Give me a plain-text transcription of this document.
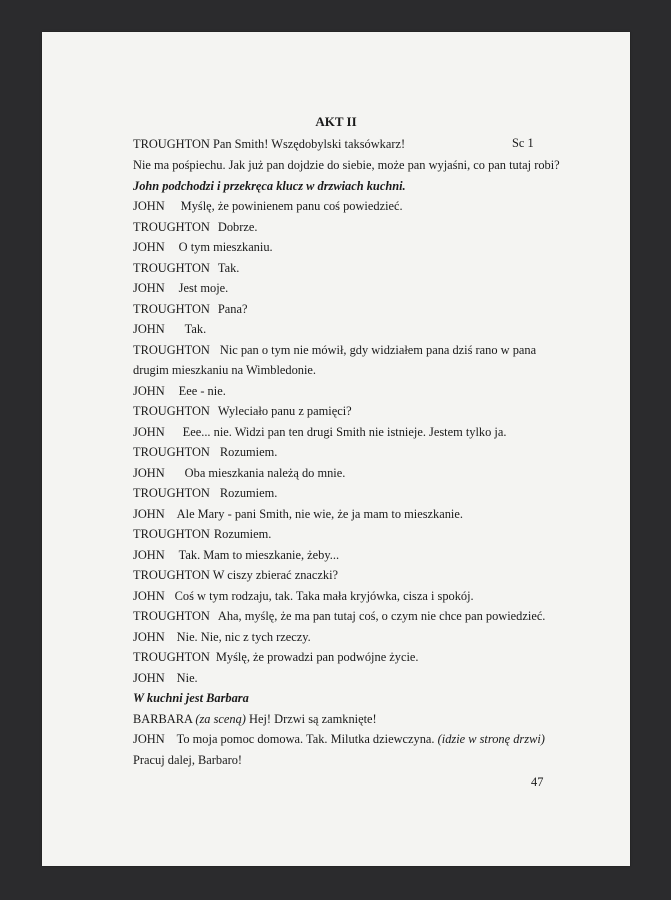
AKT II
Sc 1
TROUGHTON Pan Smith! Wszędobylski taksówkarz!
Nie ma pośpiechu. Jak już pan dojdzie do siebie, może pan wyjaśni, co pan tutaj robi?
John podchodzi i przekręca klucz w drzwiach kuchni.
JOHN Myślę, że powinienem panu coś powiedzieć.
TROUGHTON Dobrze.
JOHN O tym mieszkaniu.
TROUGHTON Tak.
JOHN Jest moje.
TROUGHTON Pana?
JOHN Tak.
TROUGHTON Nic pan o tym nie mówił, gdy widziałem pana dziś rano w pana
drugim mieszkaniu na Wimbledonie.
JOHN Eee - nie.
TROUGHTON Wyleciało panu z pamięci?
JOHN Eee... nie. Widzi pan ten drugi Smith nie istnieje. Jestem tylko ja.
TROUGHTON Rozumiem.
JOHN Oba mieszkania należą do mnie.
TROUGHTON Rozumiem.
JOHN Ale Mary - pani Smith, nie wie, że ja mam to mieszkanie.
TROUGHTON Rozumiem.
JOHN Tak. Mam to mieszkanie, żeby...
TROUGHTON W ciszy zbierać znaczki?
JOHN Coś w tym rodzaju, tak. Taka mała kryjówka, cisza i spokój.
TROUGHTON Aha, myślę, że ma pan tutaj coś, o czym nie chce pan powiedzieć.
JOHN Nie. Nie, nic z tych rzeczy.
TROUGHTON Myślę, że prowadzi pan podwójne życie.
JOHN Nie.
W kuchni jest Barbara
BARBARA (za sceną) Hej! Drzwi są zamknięte!
JOHN To moja pomoc domowa. Tak. Milutka dziewczyna. (idzie w stronę drzwi)
Pracuj dalej, Barbaro!
47
